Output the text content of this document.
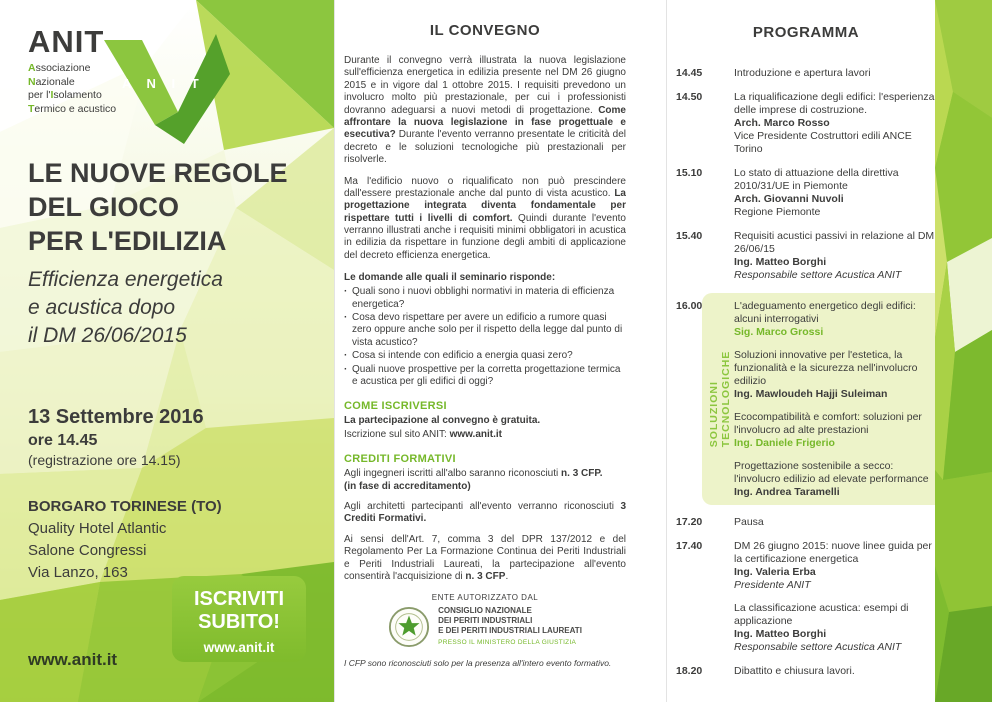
ANIT
Associazione
Nazionale
per l'Isolamento
Termico e acustico
A N I T
LE NUOVE REGOLE
DEL GIOCO
PER L'EDILIZIA
Efficienza energetica
e acustica dopo
il DM 26/06/2015
13 Settembre 2016
ore 14.45
(registrazione ore 14.15)
BORGARO TORINESE (TO)
Quality Hotel Atlantic
Salone Congressi
Via Lanzo, 163
ISCRIVITI
SUBITO!
www.anit.it
www.anit.it
IL CONVEGNO

Durante il convegno verrà illustrata la nuova legislazione sull'efficienza energetica in edilizia presente nel DM 26 giugno 2015 e in vigore dal 1 ottobre 2015. I requisiti prevedono un involucro molto più prestazionale, per cui i professionisti dovranno adeguarsi a nuovi metodi di progettazione. Come affrontare la nuova legislazione in fase progettuale e esecutiva? Durante l'evento verranno presentate le criticità del decreto e le soluzioni tecnologiche più prestazionali per risolverle.

Ma l'edificio nuovo o riqualificato non può prescindere dall'essere prestazionale anche dal punto di vista acustico. La progettazione integrata diventa fondamentale per rispettare tutti i livelli di comfort. Quindi durante l'evento verranno illustrati anche i requisiti minimi obbligatori in acustica in edilizia da rispettare in funzione degli ambiti di applicazione del decreto efficienza energetica.

Le domande alle quali il seminario risponde:
· Quali sono i nuovi obblighi normativi in materia di efficienza energetica?
· Cosa devo rispettare per avere un edificio a rumore quasi zero oppure anche solo per il rispetto della legge dal punto di vista acustico?
· Cosa si intende con edificio a energia quasi zero?
· Quali nuove prospettive per la corretta progettazione termica e acustica per gli edifici di oggi?
COME ISCRIVERSI

La partecipazione al convegno è gratuita.

Iscrizione sul sito ANIT: www.anit.it

CREDITI FORMATIVI

Agli ingegneri iscritti all'albo saranno riconosciuti n. 3 CFP.
(in fase di accreditamento)

Agli architetti partecipanti all'evento verranno riconosciuti 3 Crediti Formativi.

Ai sensi dell'Art. 7, comma 3 del DPR 137/2012 e del Regolamento Per La Formazione Continua dei Periti Industriali e Periti Industriali Laureati, la partecipazione all'evento consentirà l'acquisizione di n. 3 CFP.

ENTE AUTORIZZATO DAL
CONSIGLIO NAZIONALE
DEI PERITI INDUSTRIALI
E DEI PERITI INDUSTRIALI LAUREATI
PRESSO IL MINISTERO DELLA GIUSTIZIA
I CFP sono riconosciuti solo per la presenza all'intero evento formativo.
PROGRAMMA
14.45	Introduzione e apertura lavori

14.50	La riqualificazione degli edifici: l'esperienza delle imprese di costruzione.

Arch. Marco Rosso

Vice Presidente Costruttori edili ANCE Torino

15.10	Lo stato di attuazione della direttiva 2010/31/UE in Piemonte

Arch. Giovanni Nuvoli

Regione Piemonte

15.40	Requisiti acustici passivi in relazione al DM 26/06/15

Ing. Matteo Borghi

Responsabile settore Acustica ANIT

SOLUZIONI
TECNOLOGICHE
16.00	L'adeguamento energetico degli edifici: alcuni interrogativi

Sig. Marco Grossi

Soluzioni innovative per l'estetica, la funzionalità e la sicurezza nell'involucro edilizio

Ing. Mawloudeh Hajji Suleiman

Ecocompatibilità e comfort: soluzioni per l'involucro ad alte prestazioni

Ing. Daniele Frigerio

Progettazione sostenibile a secco: l'involucro edilizio ad elevate performance

Ing. Andrea Taramelli

17.20	Pausa

17.40	DM 26 giugno 2015: nuove linee guida per la certificazione energetica

Ing. Valeria Erba

Presidente ANIT

La classificazione acustica: esempi di applicazione

Ing. Matteo Borghi

Responsabile settore Acustica ANIT

18.20	Dibattito e chiusura lavori.
